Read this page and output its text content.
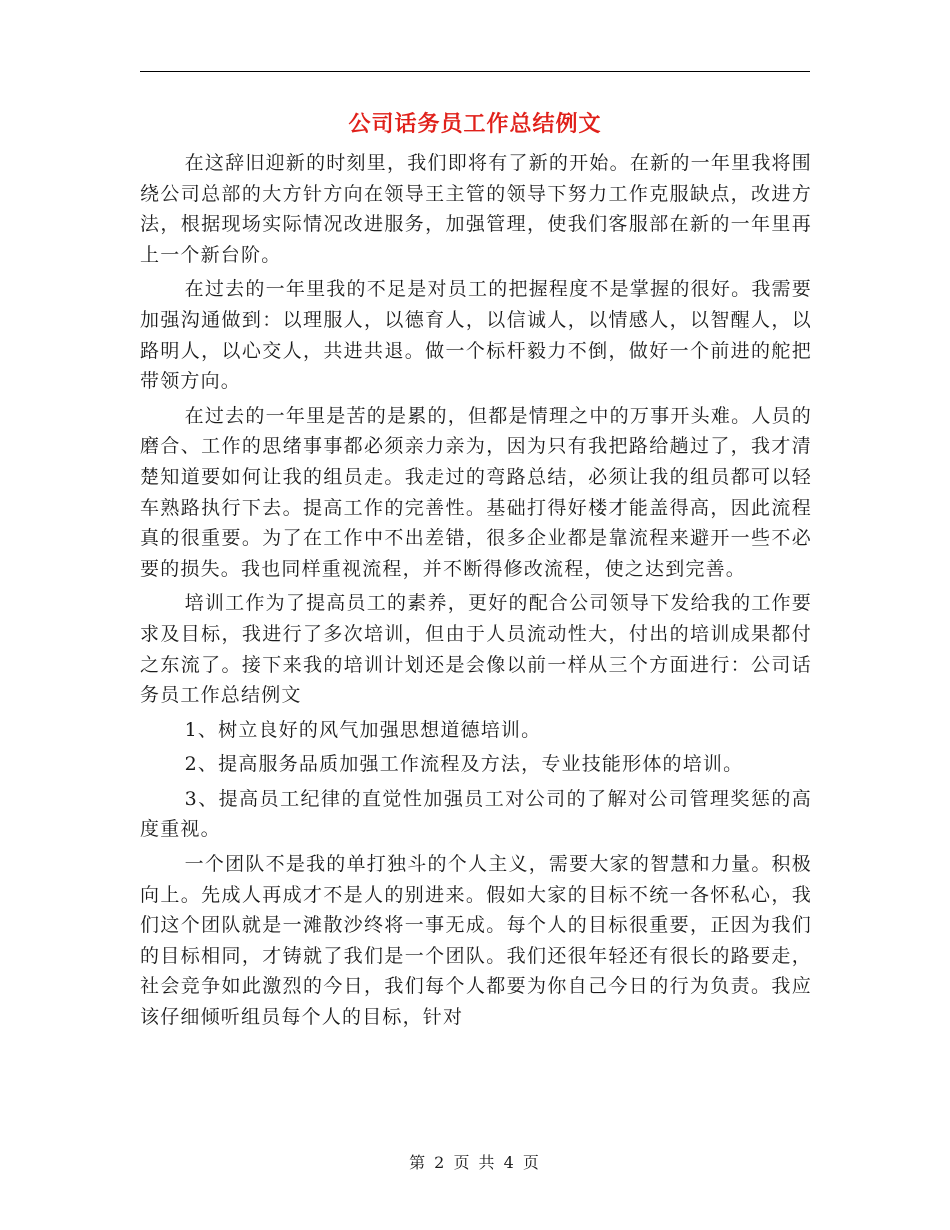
公司话务员工作总结例文

在这辞旧迎新的时刻里，我们即将有了新的开始。在新的一年里我将围绕公司总部的大方针方向在领导王主管的领导下努力工作克服缺点，改进方法，根据现场实际情况改进服务，加强管理，使我们客服部在新的一年里再上一个新台阶。

在过去的一年里我的不足是对员工的把握程度不是掌握的很好。我需要加强沟通做到：以理服人，以德育人，以信诚人，以情感人，以智醒人，以路明人，以心交人，共进共退。做一个标杆毅力不倒，做好一个前进的舵把带领方向。

在过去的一年里是苦的是累的，但都是情理之中的万事开头难。人员的磨合、工作的思绪事事都必须亲力亲为，因为只有我把路给趟过了，我才清楚知道要如何让我的组员走。我走过的弯路总结，必须让我的组员都可以轻车熟路执行下去。提高工作的完善性。基础打得好楼才能盖得高，因此流程真的很重要。为了在工作中不出差错，很多企业都是靠流程来避开一些不必要的损失。我也同样重视流程，并不断得修改流程，使之达到完善。

培训工作为了提高员工的素养，更好的配合公司领导下发给我的工作要求及目标，我进行了多次培训，但由于人员流动性大，付出的培训成果都付之东流了。接下来我的培训计划还是会像以前一样从三个方面进行：公司话务员工作总结例文

1、树立良好的风气加强思想道德培训。

2、提高服务品质加强工作流程及方法，专业技能形体的培训。

3、提高员工纪律的直觉性加强员工对公司的了解对公司管理奖惩的高度重视。

一个团队不是我的单打独斗的个人主义，需要大家的智慧和力量。积极向上。先成人再成才不是人的别进来。假如大家的目标不统一各怀私心，我们这个团队就是一滩散沙终将一事无成。每个人的目标很重要，正因为我们的目标相同，才铸就了我们是一个团队。我们还很年轻还有很长的路要走，社会竞争如此激烈的今日，我们每个人都要为你自己今日的行为负责。我应该仔细倾听组员每个人的目标，针对

第 2 页 共 4 页
